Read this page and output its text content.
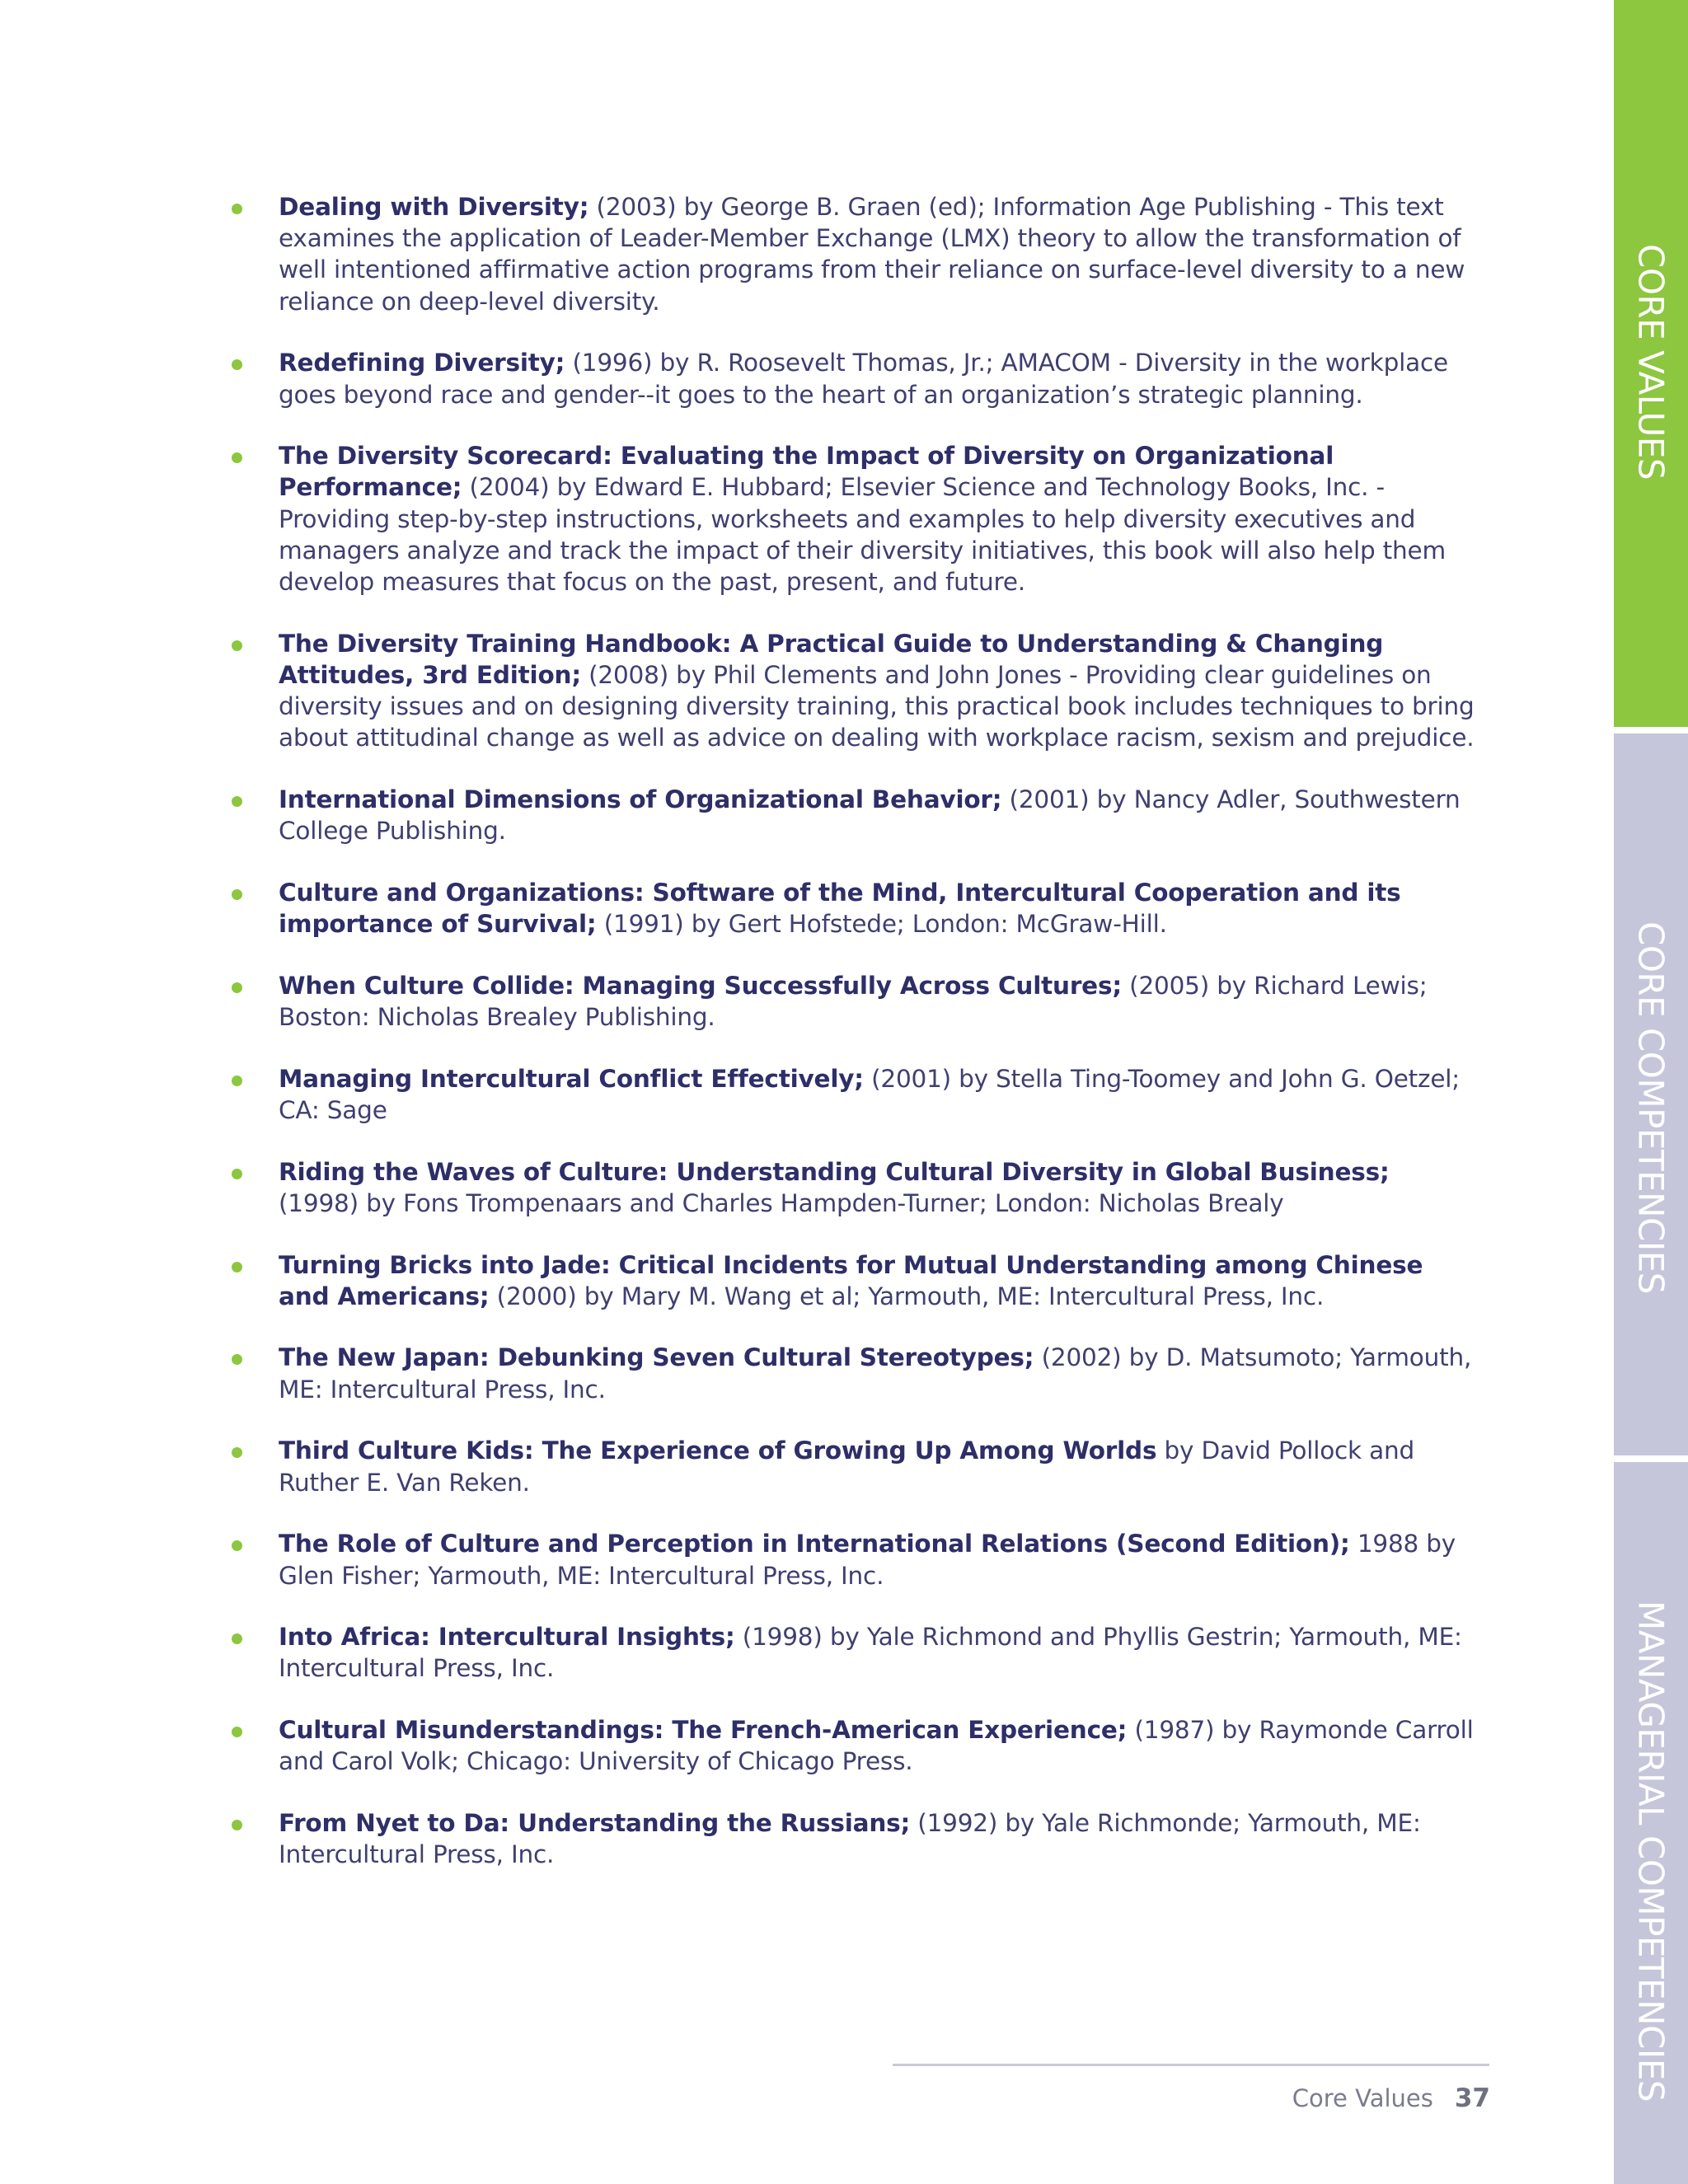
Dealing with Diversity; (2003) by George B. Graen (ed); Information Age Publishing - This text examines the application of Leader-Member Exchange (LMX) theory to allow the transformation of well intentioned affirmative action programs from their reliance on surface-level diversity to a new reliance on deep-level diversity.
Redefining Diversity; (1996) by R. Roosevelt Thomas, Jr.; AMACOM - Diversity in the workplace goes beyond race and gender--it goes to the heart of an organization’s strategic planning.
The Diversity Scorecard: Evaluating the Impact of Diversity on Organizational Performance; (2004) by Edward E. Hubbard; Elsevier Science and Technology Books, Inc. - Providing step-by-step instructions, worksheets and examples to help diversity executives and managers analyze and track the impact of their diversity initiatives, this book will also help them develop measures that focus on the past, present, and future.
The Diversity Training Handbook: A Practical Guide to Understanding & Changing Attitudes, 3rd Edition; (2008) by Phil Clements and John Jones - Providing clear guidelines on diversity issues and on designing diversity training, this practical book includes techniques to bring about attitudinal change as well as advice on dealing with workplace racism, sexism and prejudice.
International Dimensions of Organizational Behavior; (2001) by Nancy Adler, Southwestern College Publishing.
Culture and Organizations: Software of the Mind, Intercultural Cooperation and its importance of Survival; (1991) by Gert Hofstede; London: McGraw-Hill.
When Culture Collide: Managing Successfully Across Cultures; (2005) by Richard Lewis; Boston: Nicholas Brealey Publishing.
Managing Intercultural Conflict Effectively; (2001) by Stella Ting-Toomey and John G. Oetzel; CA: Sage
Riding the Waves of Culture: Understanding Cultural Diversity in Global Business; (1998) by Fons Trompenaars and Charles Hampden-Turner; London: Nicholas Brealy
Turning Bricks into Jade: Critical Incidents for Mutual Understanding among Chinese and Americans; (2000) by Mary M. Wang et al; Yarmouth, ME: Intercultural Press, Inc.
The New Japan: Debunking Seven Cultural Stereotypes; (2002) by D. Matsumoto; Yarmouth, ME: Intercultural Press, Inc.
Third Culture Kids: The Experience of Growing Up Among Worlds by David Pollock and Ruther E. Van Reken.
The Role of Culture and Perception in International Relations (Second Edition); 1988 by Glen Fisher; Yarmouth, ME: Intercultural Press, Inc.
Into Africa: Intercultural Insights; (1998) by Yale Richmond and Phyllis Gestrin; Yarmouth, ME: Intercultural Press, Inc.
Cultural Misunderstandings: The French-American Experience; (1987) by Raymonde Carroll and Carol Volk; Chicago: University of Chicago Press.
From Nyet to Da: Understanding the Russians; (1992) by Yale Richmonde; Yarmouth, ME: Intercultural Press, Inc.
CORE VALUES
CORE COMPETENCIES
MANAGERIAL COMPETENCIES
Core Values 37
